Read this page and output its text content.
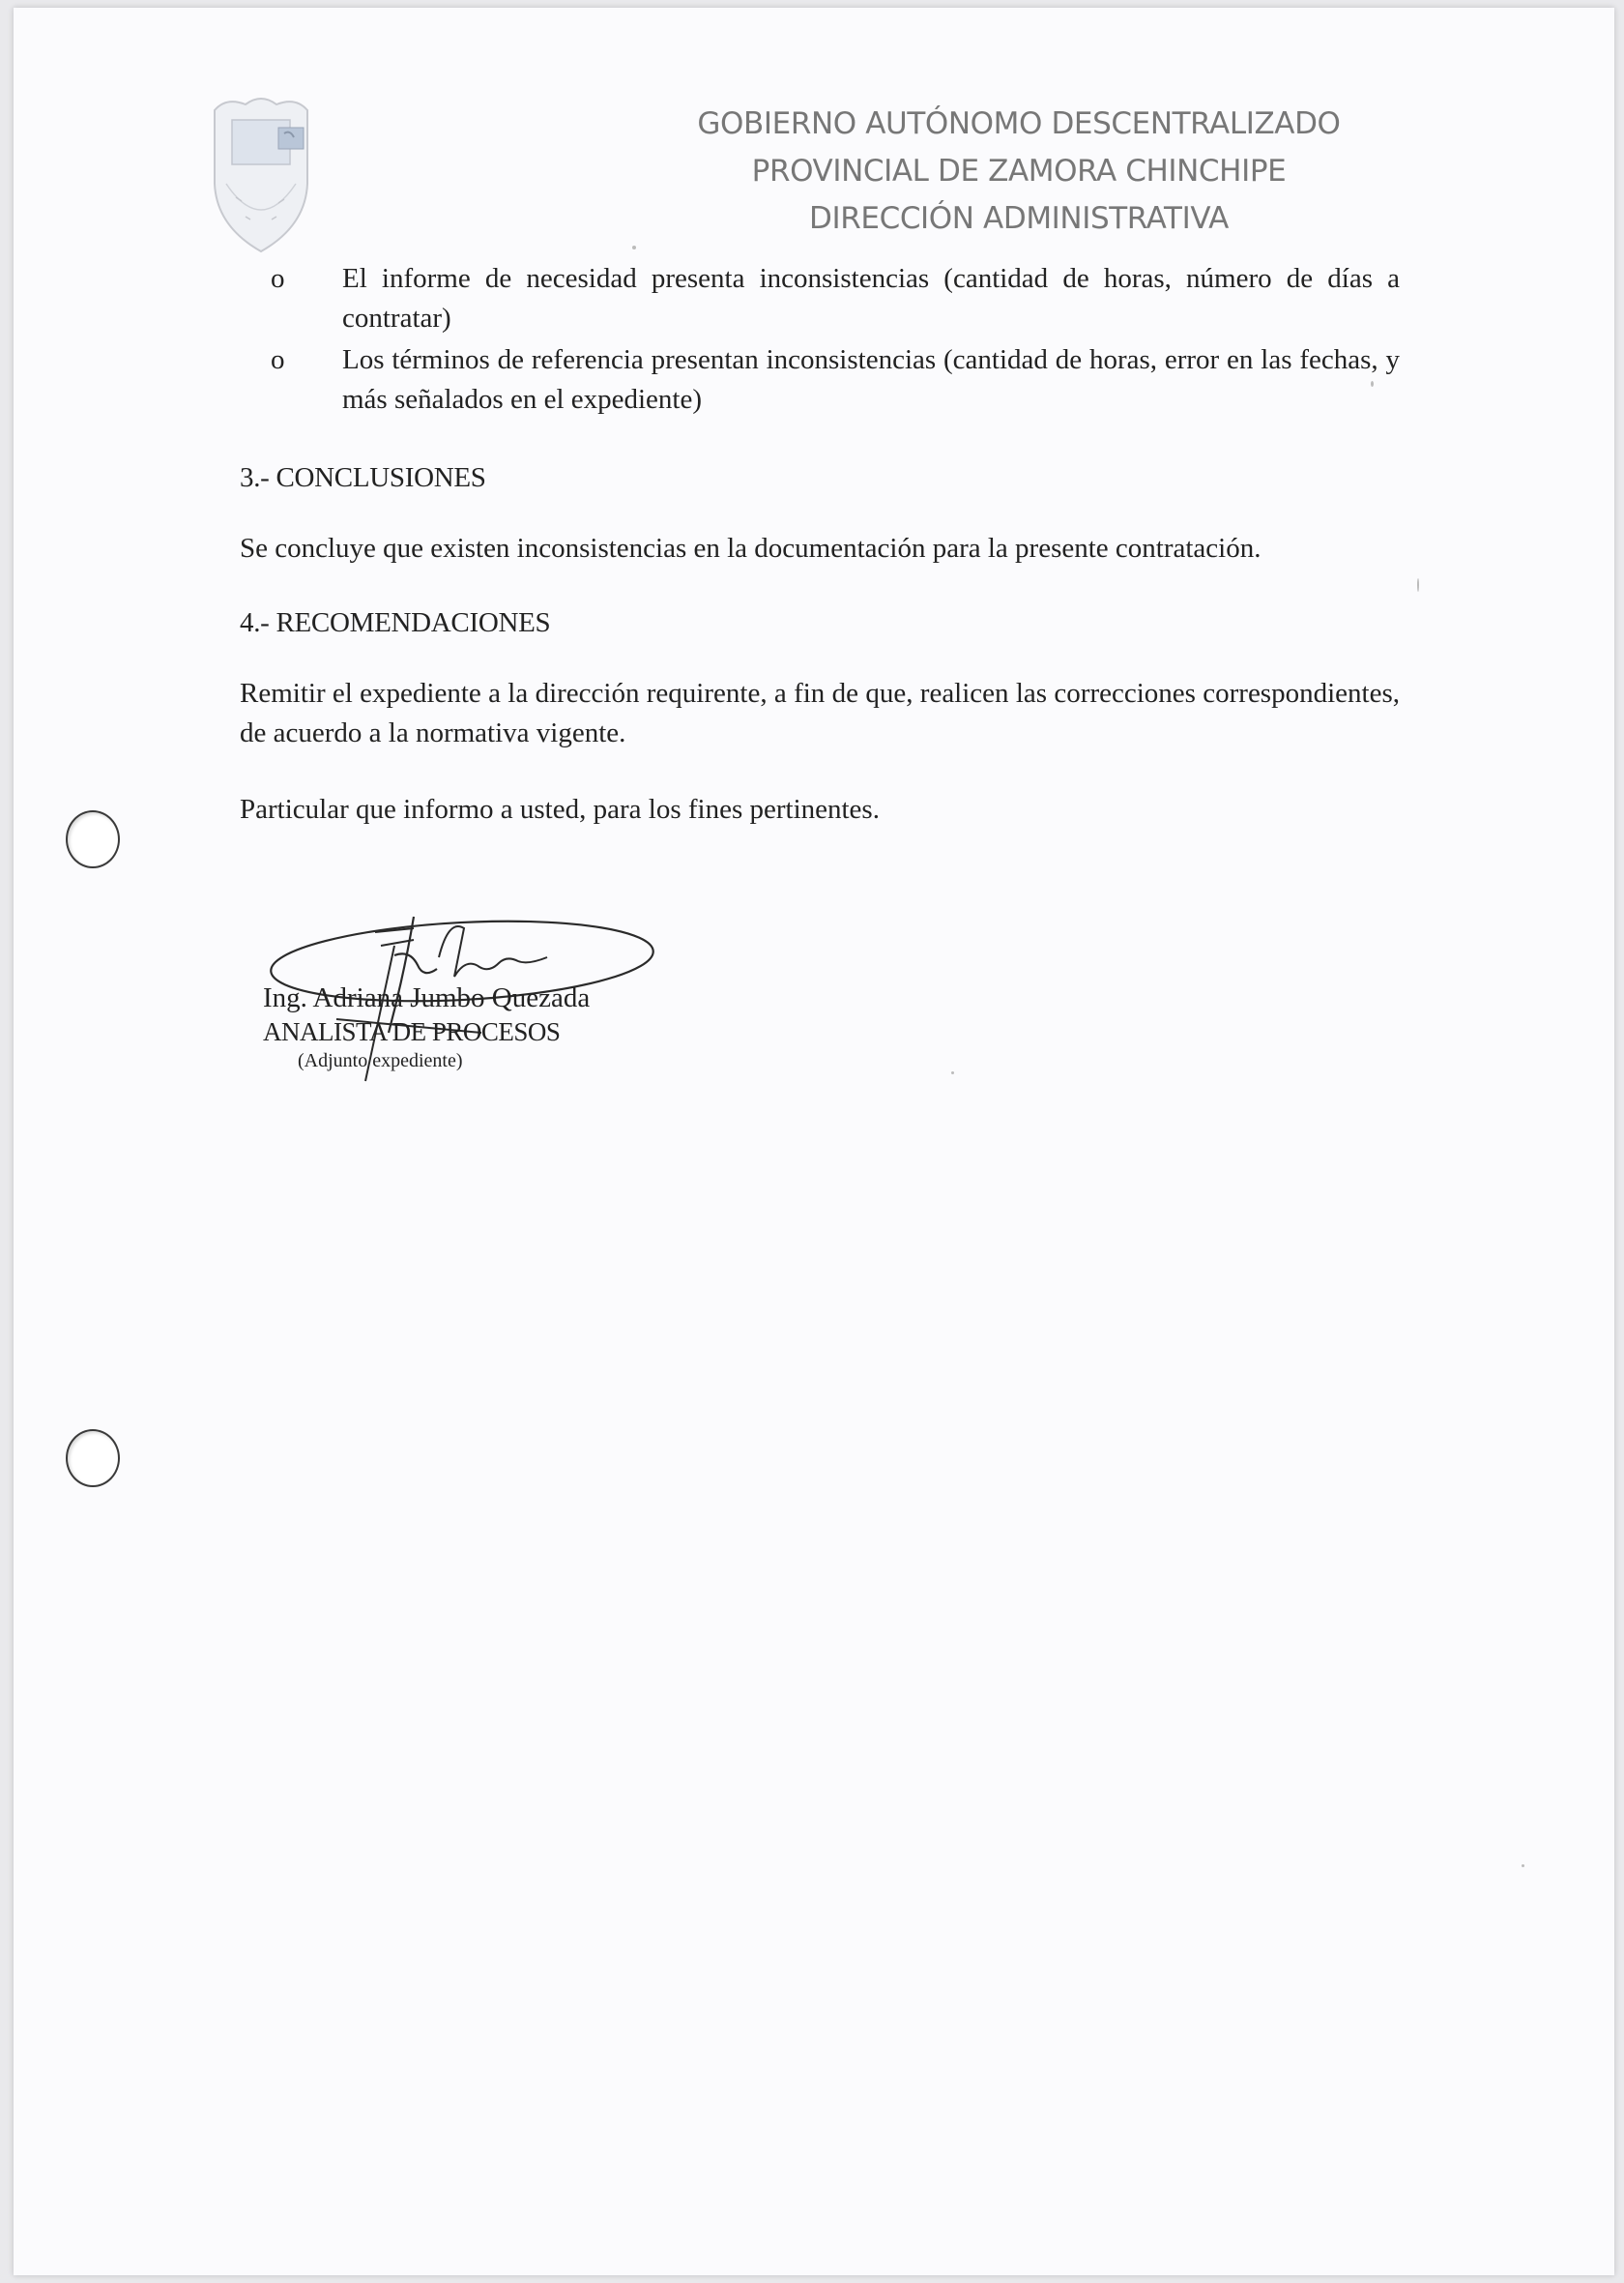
GOBIERNO AUTÓNOMO DESCENTRALIZADO
PROVINCIAL DE ZAMORA CHINCHIPE
DIRECCIÓN ADMINISTRATIVA
o El informe de necesidad presenta inconsistencias (cantidad de horas, número de días a contratar)
o Los términos de referencia presentan inconsistencias (cantidad de horas, error en las fechas, y más señalados en el expediente)
3.- CONCLUSIONES
Se concluye que existen inconsistencias en la documentación para la presente contratación.
4.- RECOMENDACIONES
Remitir el expediente a la dirección requirente, a fin de que, realicen las correcciones correspondientes, de acuerdo a la normativa vigente.
Particular que informo a usted, para los fines pertinentes.
Ing. Adriana Jumbo Quezada
ANALISTA DE PROCESOS
(Adjunto expediente)
